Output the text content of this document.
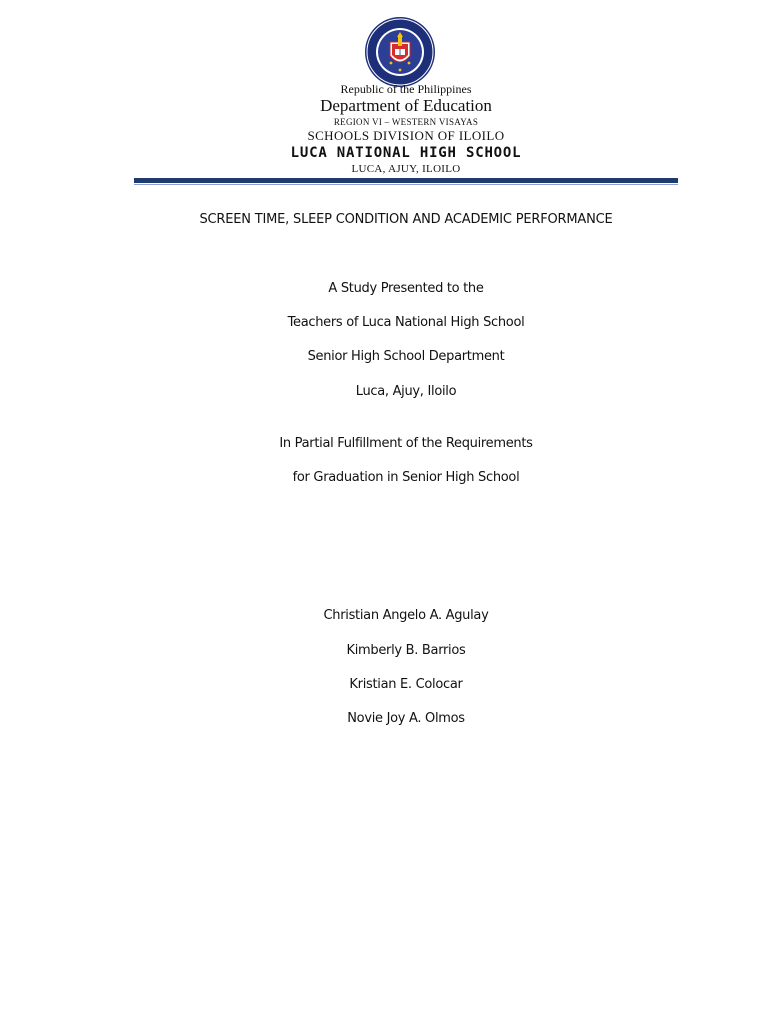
Republic of the Philippines
Department of Education
REGION VI – WESTERN VISAYAS
SCHOOLS DIVISION OF ILOILO
LUCA NATIONAL HIGH SCHOOL
LUCA, AJUY, ILOILO
SCREEN TIME, SLEEP CONDITION AND ACADEMIC PERFORMANCE
A Study Presented to the
Teachers of Luca National High School
Senior High School Department
Luca, Ajuy, Iloilo
In Partial Fulfillment of the Requirements
for Graduation in Senior High School
Christian Angelo A. Agulay
Kimberly B. Barrios
Kristian E. Colocar
Novie Joy A. Olmos
